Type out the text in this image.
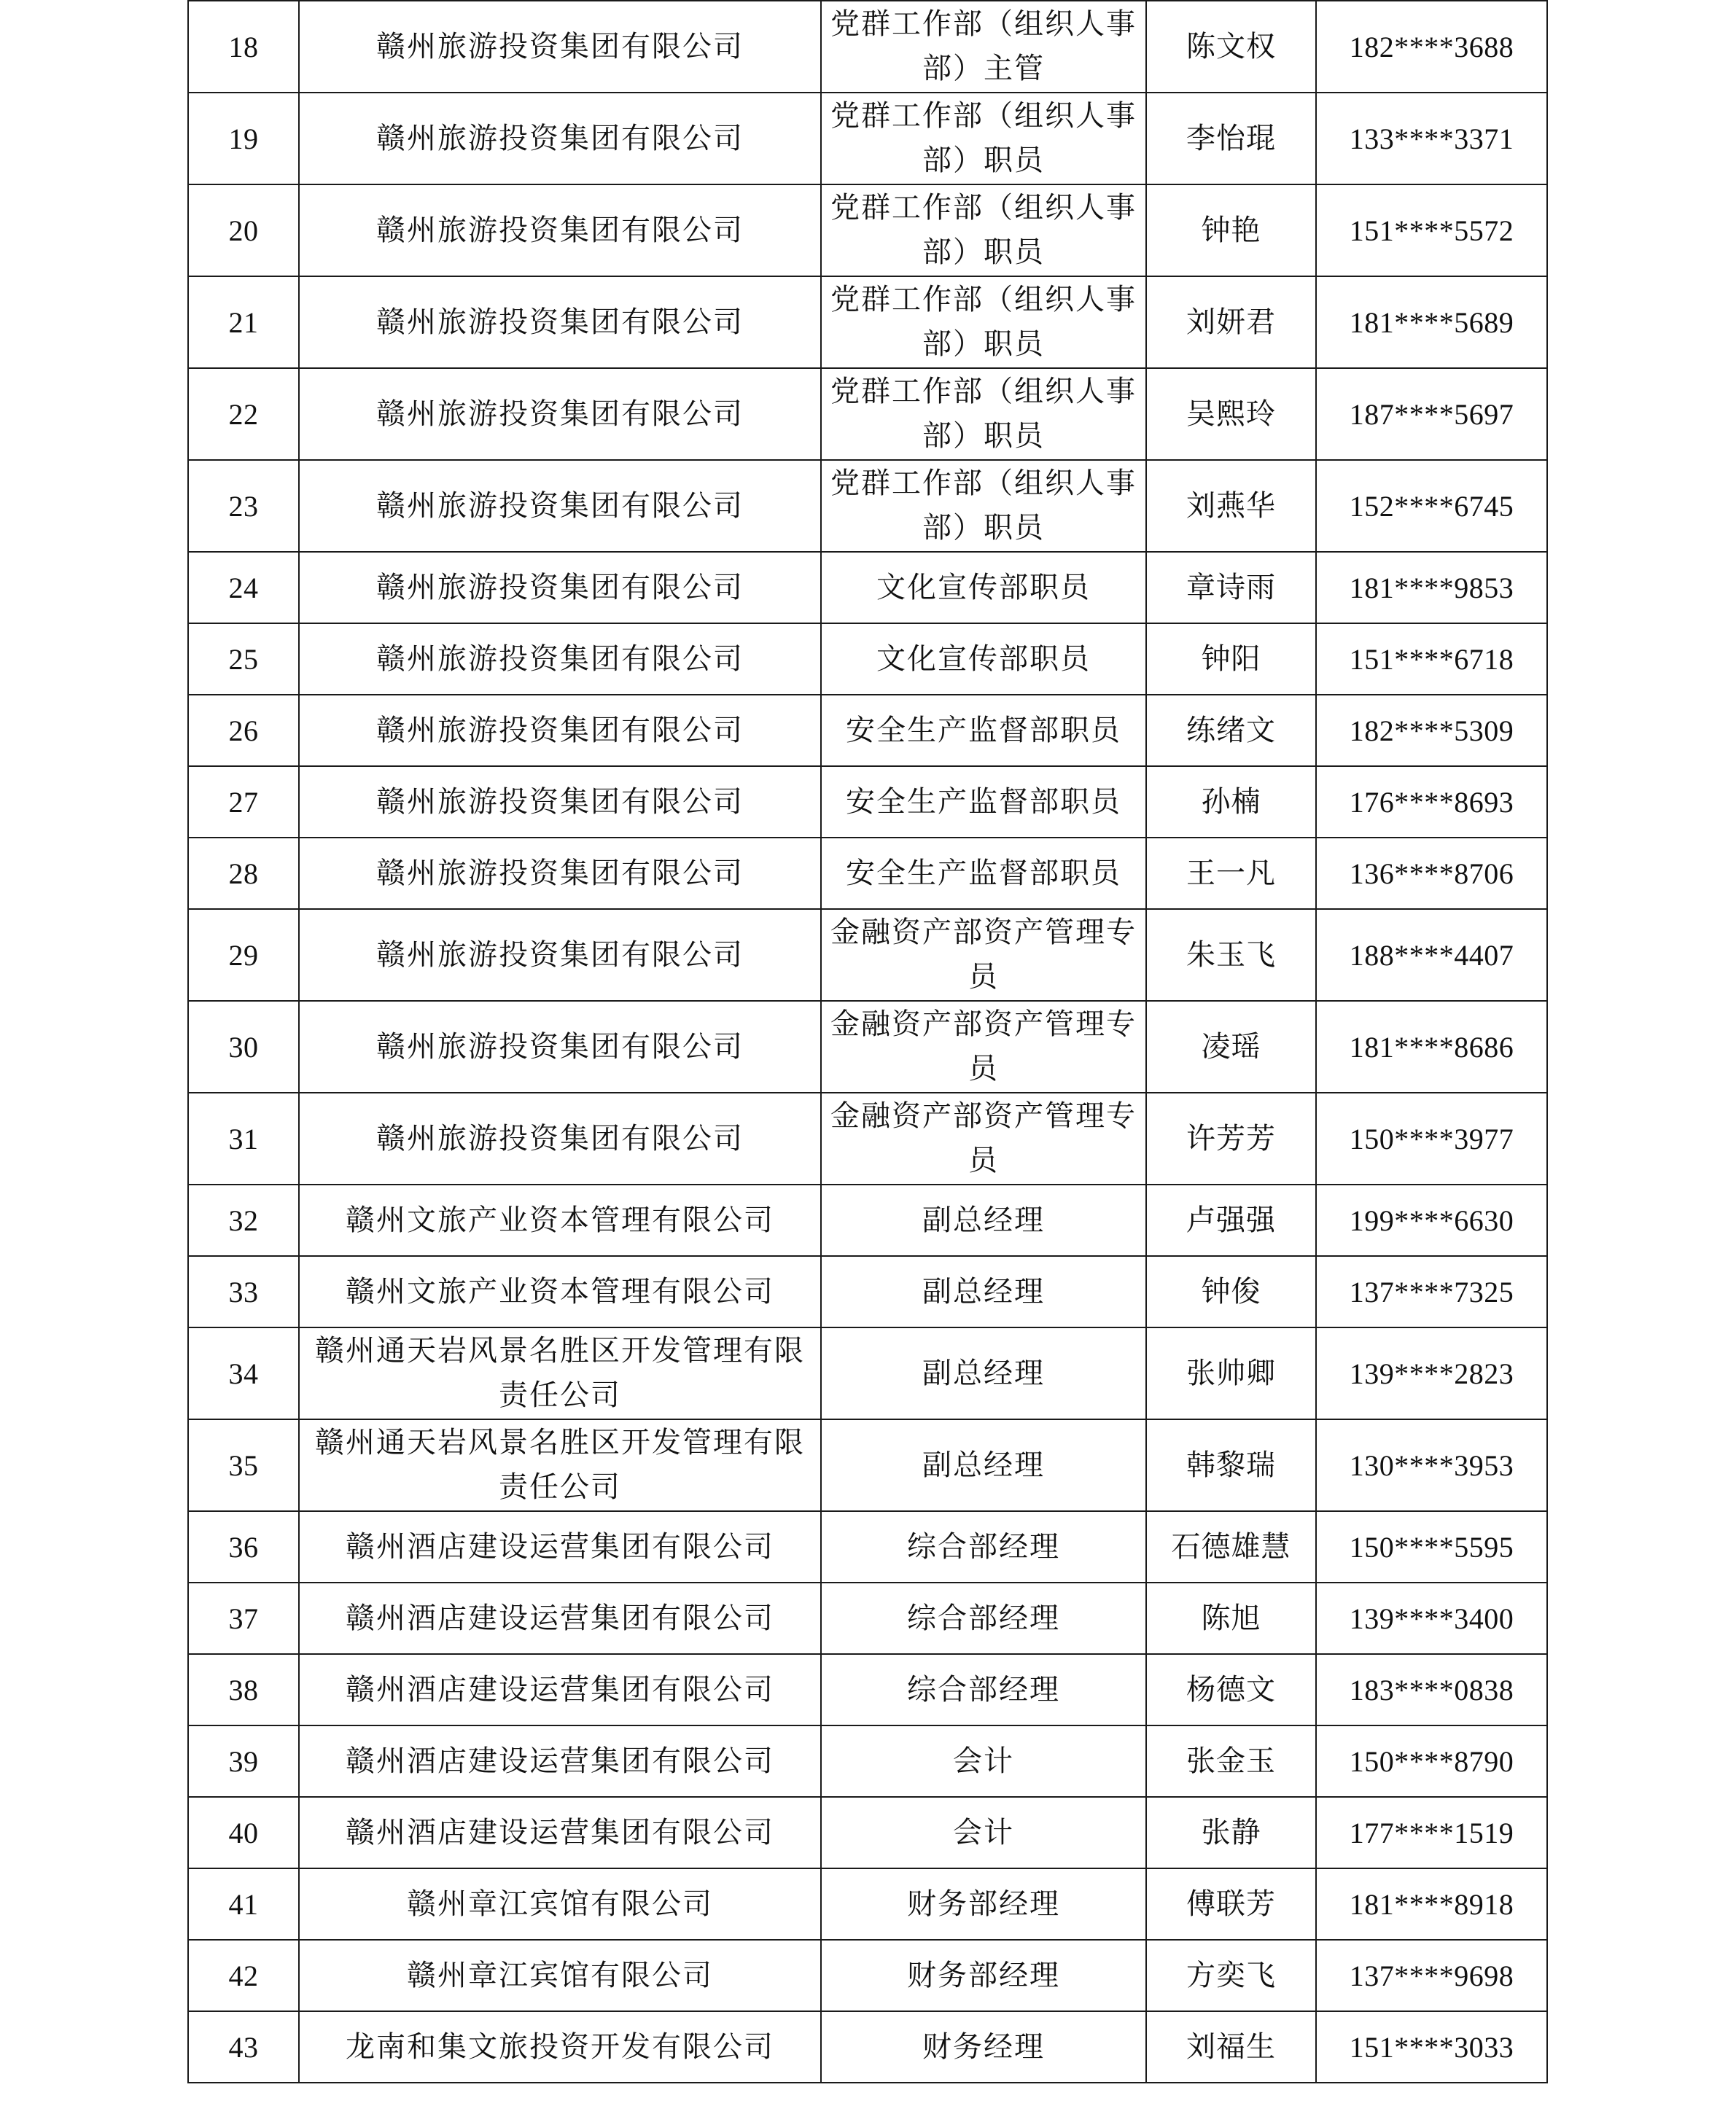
18	赣州旅游投资集团有限公司	党群工作部（组织人事部）主管	陈文权	182****3688
19	赣州旅游投资集团有限公司	党群工作部（组织人事部）职员	李怡琨	133****3371
20	赣州旅游投资集团有限公司	党群工作部（组织人事部）职员	钟艳	151****5572
21	赣州旅游投资集团有限公司	党群工作部（组织人事部）职员	刘妍君	181****5689
22	赣州旅游投资集团有限公司	党群工作部（组织人事部）职员	吴熙玲	187****5697
23	赣州旅游投资集团有限公司	党群工作部（组织人事部）职员	刘燕华	152****6745
24	赣州旅游投资集团有限公司	文化宣传部职员	章诗雨	181****9853
25	赣州旅游投资集团有限公司	文化宣传部职员	钟阳	151****6718
26	赣州旅游投资集团有限公司	安全生产监督部职员	练绪文	182****5309
27	赣州旅游投资集团有限公司	安全生产监督部职员	孙楠	176****8693
28	赣州旅游投资集团有限公司	安全生产监督部职员	王一凡	136****8706
29	赣州旅游投资集团有限公司	金融资产部资产管理专员	朱玉飞	188****4407
30	赣州旅游投资集团有限公司	金融资产部资产管理专员	凌瑶	181****8686
31	赣州旅游投资集团有限公司	金融资产部资产管理专员	许芳芳	150****3977
32	赣州文旅产业资本管理有限公司	副总经理	卢强强	199****6630
33	赣州文旅产业资本管理有限公司	副总经理	钟俊	137****7325
34	赣州通天岩风景名胜区开发管理有限责任公司	副总经理	张帅卿	139****2823
35	赣州通天岩风景名胜区开发管理有限责任公司	副总经理	韩黎瑞	130****3953
36	赣州酒店建设运营集团有限公司	综合部经理	石德雄慧	150****5595
37	赣州酒店建设运营集团有限公司	综合部经理	陈旭	139****3400
38	赣州酒店建设运营集团有限公司	综合部经理	杨德文	183****0838
39	赣州酒店建设运营集团有限公司	会计	张金玉	150****8790
40	赣州酒店建设运营集团有限公司	会计	张静	177****1519
41	赣州章江宾馆有限公司	财务部经理	傅联芳	181****8918
42	赣州章江宾馆有限公司	财务部经理	方奕飞	137****9698
43	龙南和集文旅投资开发有限公司	财务经理	刘福生	151****3033
